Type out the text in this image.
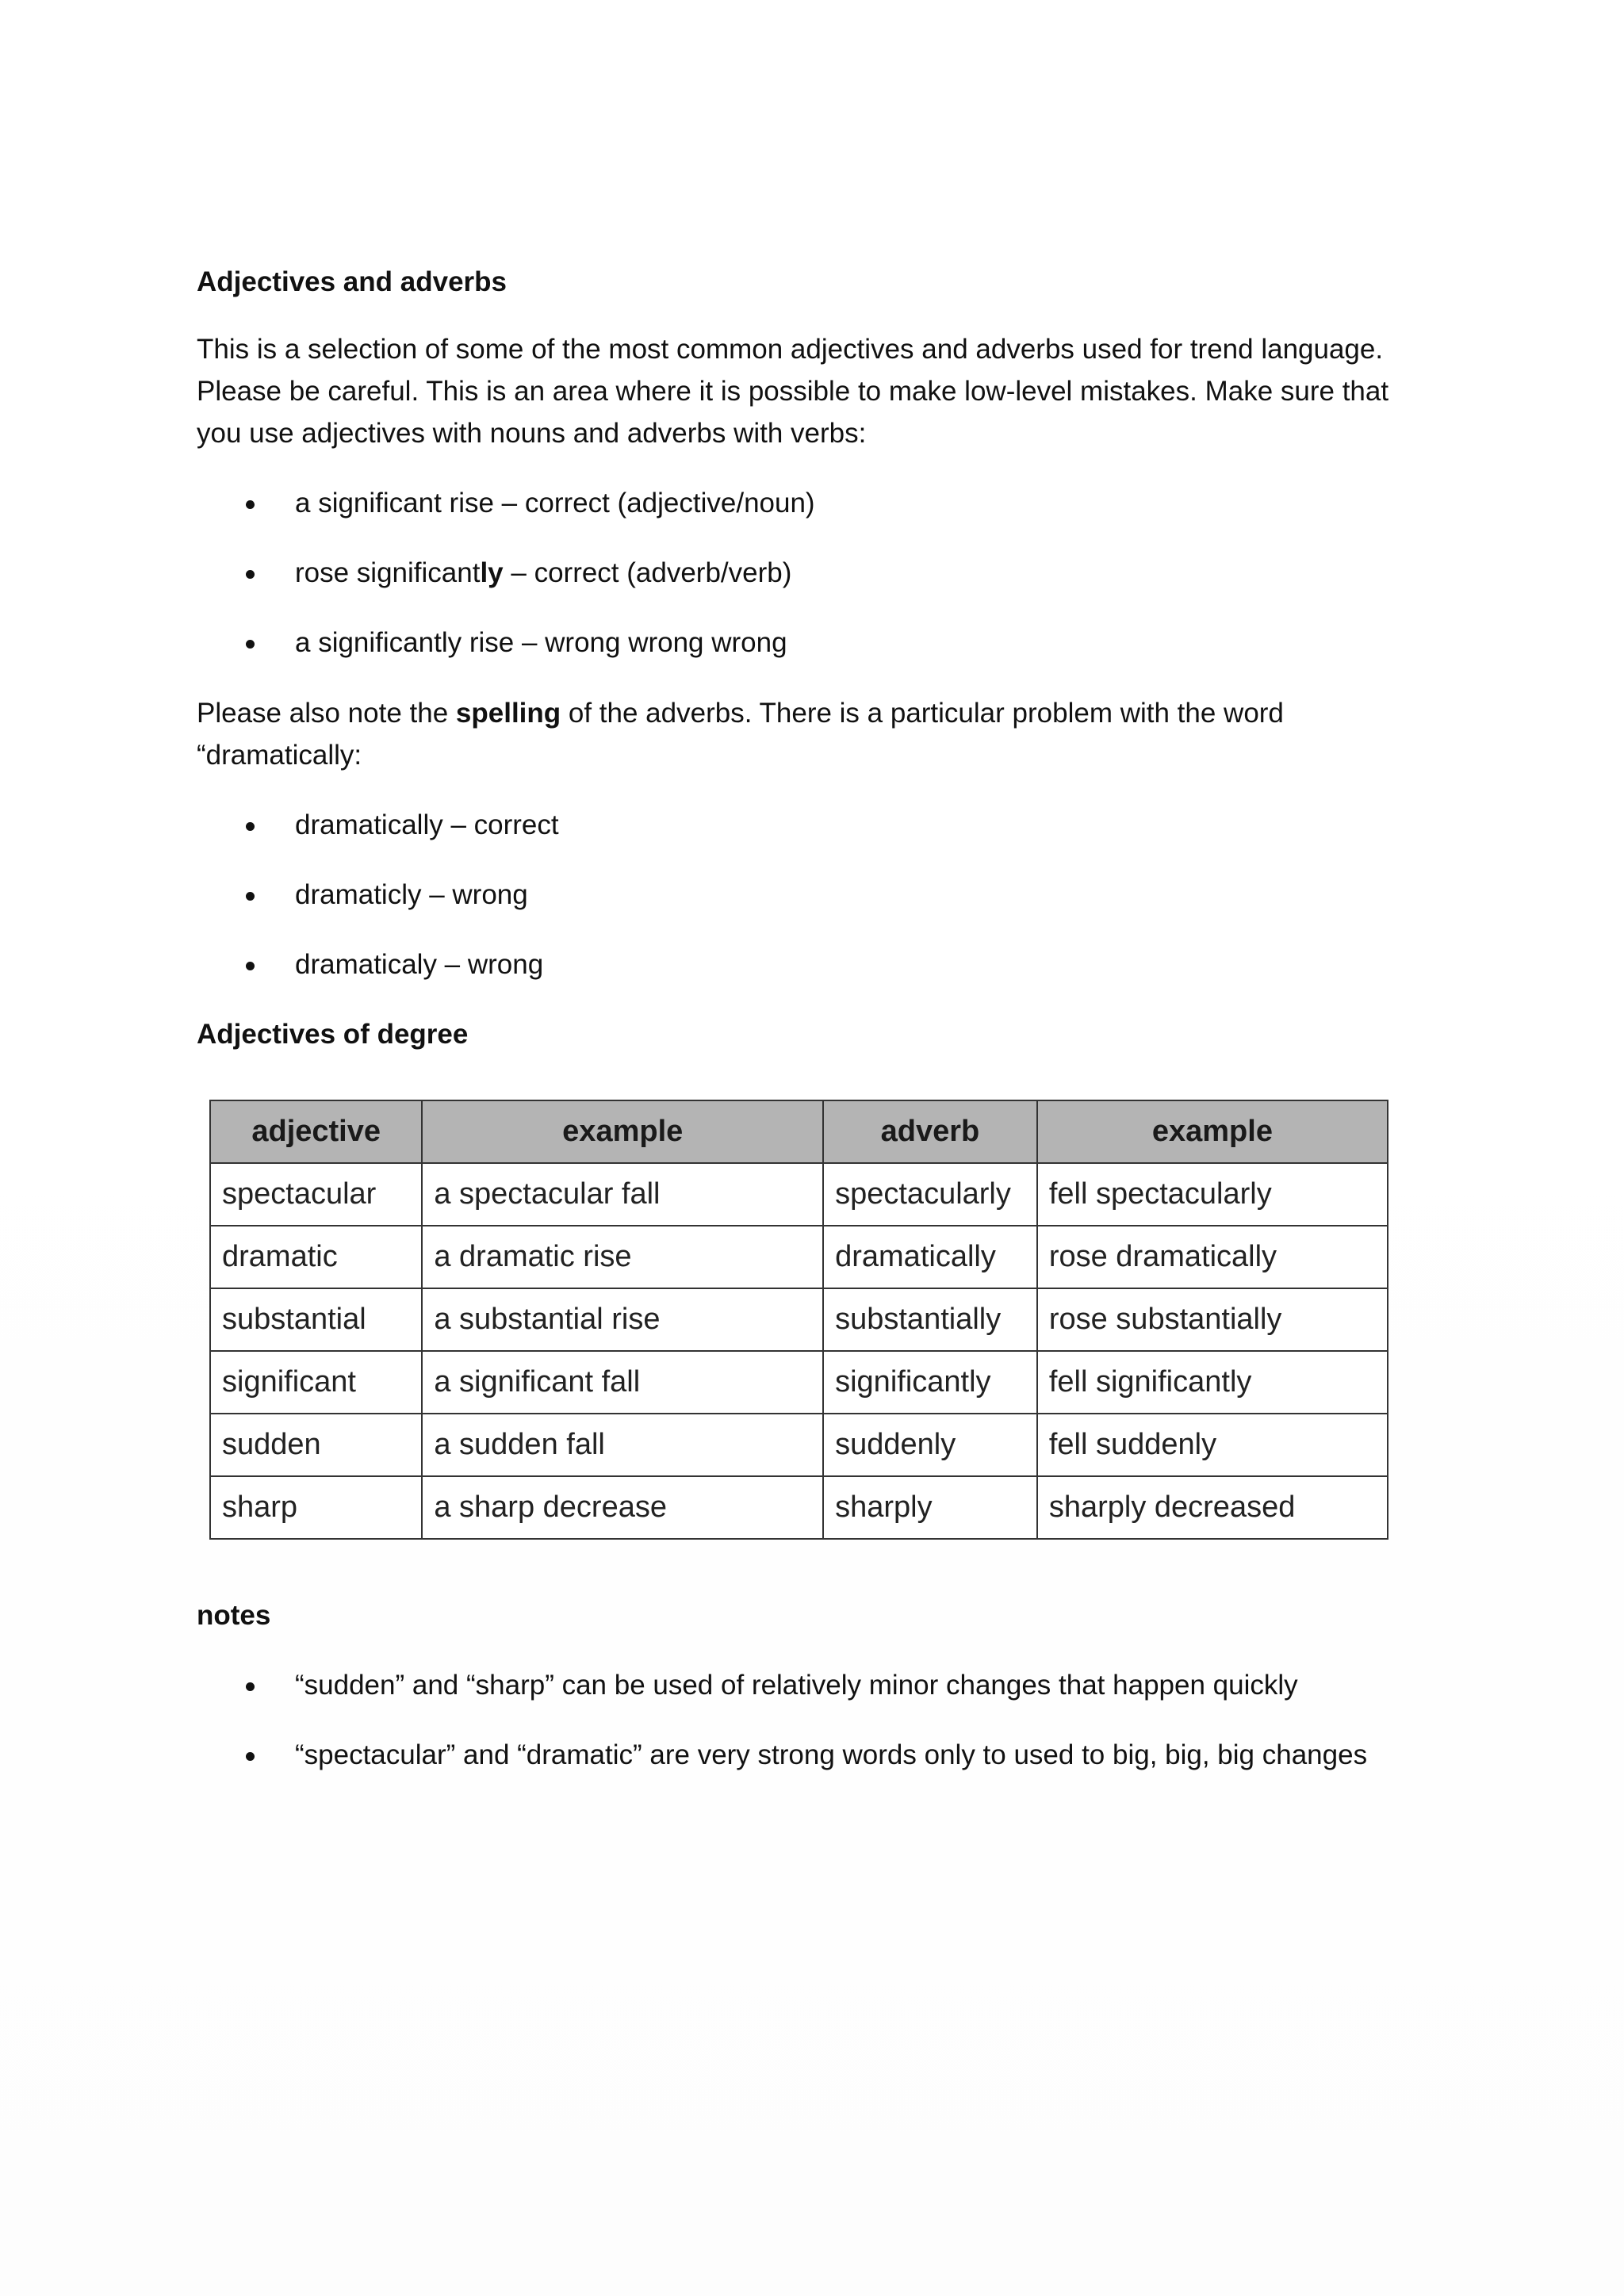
Adjectives and adverbs

This is a selection of some of the most common adjectives and adverbs used for trend language. Please be careful. This is an area where it is possible to make low-level mistakes. Make sure that you use adjectives with nouns and adverbs with verbs:

a significant rise – correct (adjective/noun)
rose significantly – correct (adverb/verb)
a significantly rise – wrong wrong wrong

Please also note the spelling of the adverbs. There is a particular problem with the word “dramatically:

dramatically – correct
dramaticly – wrong
dramaticaly – wrong

Adjectives of degree

adjective	example	adverb	example
spectacular	a spectacular fall	spectacularly	fell spectacularly
dramatic	a dramatic rise	dramatically	rose dramatically
substantial	a substantial rise	substantially	rose substantially
significant	a significant fall	significantly	fell significantly
sudden	a sudden fall	suddenly	fell suddenly
sharp	a sharp decrease	sharply	sharply decreased

notes

“sudden” and “sharp” can be used of relatively minor changes that happen quickly
“spectacular” and “dramatic” are very strong words only to used to big, big, big changes
